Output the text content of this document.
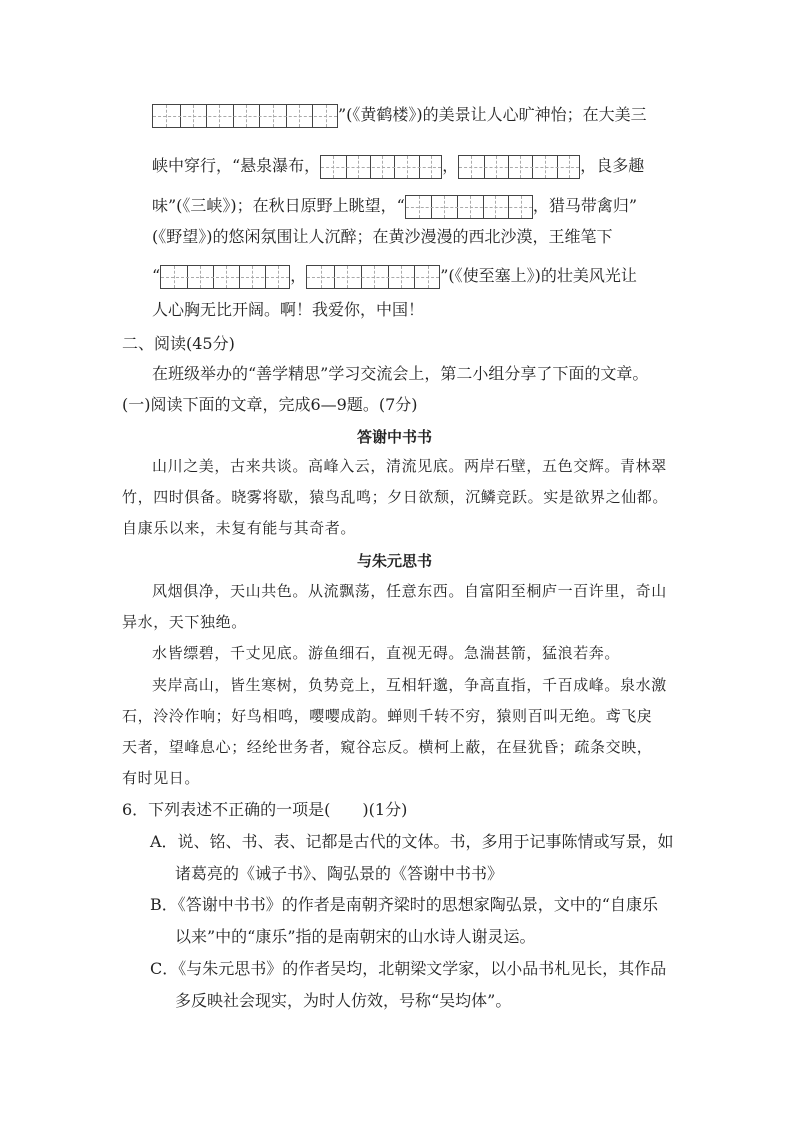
”(《黄鹤楼》)的美景让人心旷神怡；在大美三
峡中穿行，“悬泉瀑布，	，	，良多趣
味”(《三峡》)；在秋日原野上眺望，“	，猎马带禽归”
(《野望》)的悠闲氛围让人沉醉；在黄沙漫漫的西北沙漠，王维笔下
“	，	”(《使至塞上》)的壮美风光让
人心胸无比开阔。啊！我爱你，中国！
二、阅读(45分)
在班级举办的“善学精思”学习交流会上，第二小组分享了下面的文章。
(一)阅读下面的文章，完成6—9题。(7分)
答谢中书书
山川之美，古来共谈。高峰入云，清流见底。两岸石壁，五色交辉。青林翠
竹，四时俱备。晓雾将歇，猿鸟乱鸣；夕日欲颓，沉鳞竞跃。实是欲界之仙都。
自康乐以来，未复有能与其奇者。
与朱元思书
风烟俱净，天山共色。从流飘荡，任意东西。自富阳至桐庐一百许里，奇山
异水，天下独绝。
水皆缥碧，千丈见底。游鱼细石，直视无碍。急湍甚箭，猛浪若奔。
夹岸高山，皆生寒树，负势竞上，互相轩邈，争高直指，千百成峰。泉水激
石，泠泠作响；好鸟相鸣，嘤嘤成韵。蝉则千转不穷，猿则百叫无绝。鸢飞戾
天者，望峰息心；经纶世务者，窥谷忘反。横柯上蔽，在昼犹昏；疏条交映，
有时见日。
6．下列表述不正确的一项是(　　)(1分)
A．说、铭、书、表、记都是古代的文体。书，多用于记事陈情或写景，如
诸葛亮的《诫子书》、陶弘景的《答谢中书书》
B．《答谢中书书》的作者是南朝齐梁时的思想家陶弘景，文中的“自康乐
以来”中的“康乐”指的是南朝宋的山水诗人谢灵运。
C．《与朱元思书》的作者吴均，北朝梁文学家，以小品书札见长，其作品
多反映社会现实，为时人仿效，号称“吴均体”。
